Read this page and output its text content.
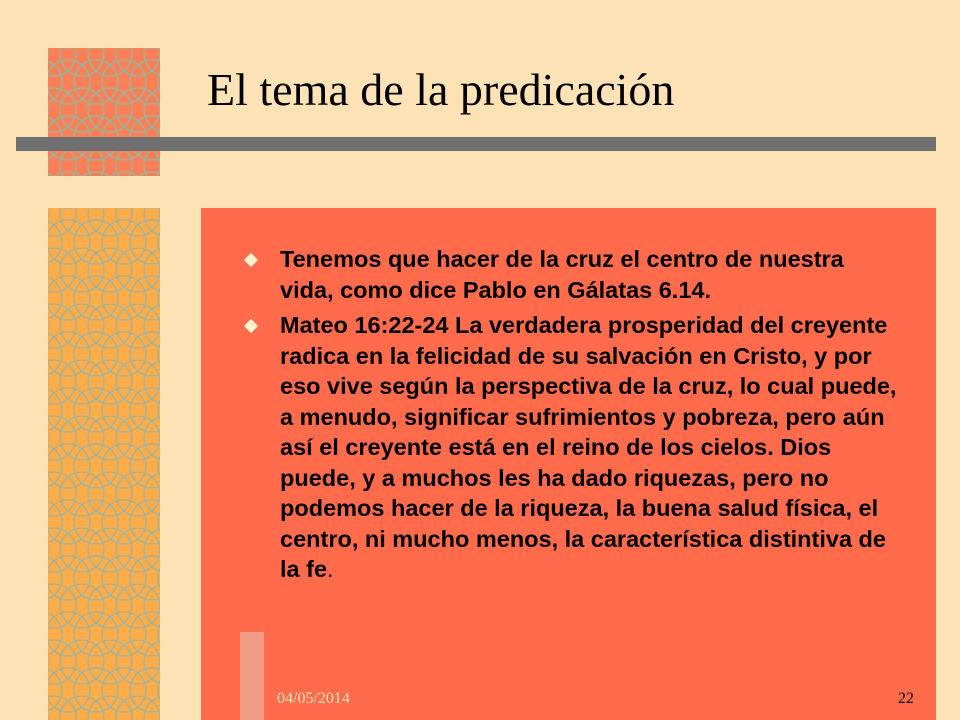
El tema de la predicación
Tenemos que hacer de la cruz el centro de nuestra vida, como dice Pablo en Gálatas 6.14.
Mateo 16:22-24 La verdadera prosperidad del creyente radica en la felicidad de su salvación en Cristo, y por eso vive según la perspectiva de la cruz, lo cual puede, a menudo, significar sufrimientos y pobreza, pero aún así el creyente está en el reino de los cielos. Dios puede, y a muchos les ha dado riquezas, pero no podemos hacer de la riqueza, la buena salud física, el centro, ni mucho menos, la característica distintiva de la fe.
04/05/2014	22
